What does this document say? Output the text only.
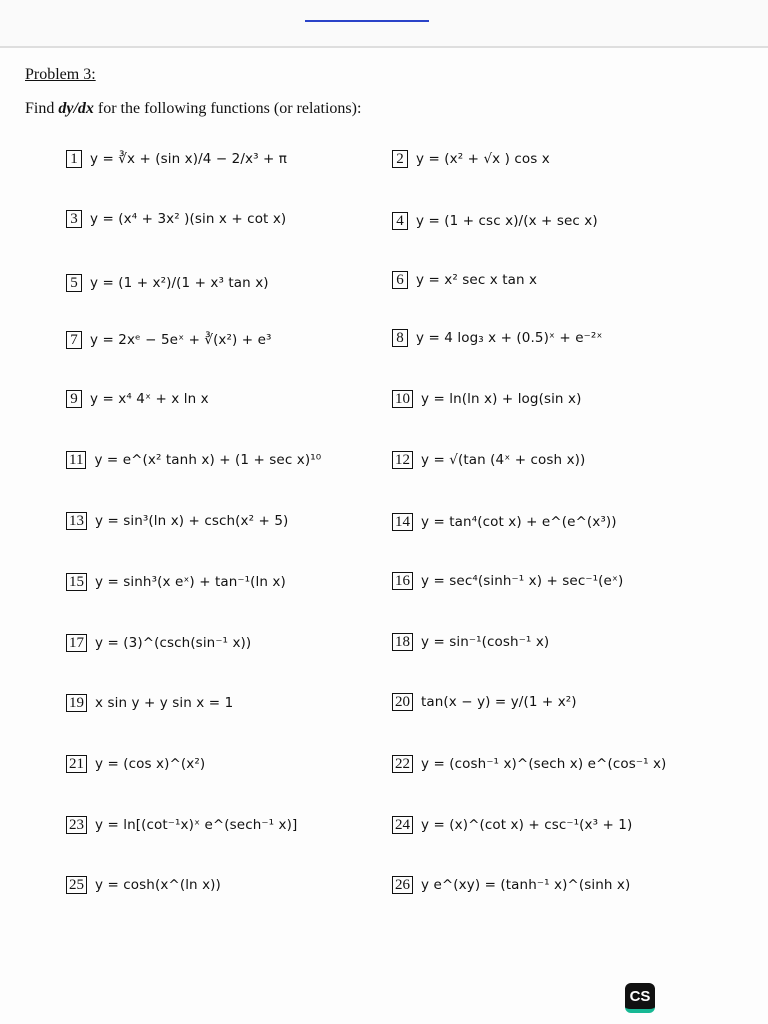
Problem 3:
Find dy/dx for the following functions (or relations):
1 y = ∛x + (sin x)/4 − 2/x³ + π
3 y = (x⁴ + 3x² )(sin x + cot x)
5 y = (1 + x²)/(1 + x³ tan x)
7 y = 2xᵉ − 5eˣ + ∛(x²) + e³
9 y = x⁴ 4ˣ + x ln x
11 y = e^(x² tanh x) + (1 + sec x)¹⁰
13 y = sin³(ln x) + csch(x² + 5)
15 y = sinh³(x eˣ) + tan⁻¹(ln x)
17 y = (3)^(csch(sin⁻¹ x))
19 x sin y + y sin x = 1
21 y = (cos x)^(x²)
23 y = ln[(cot⁻¹x)ˣ e^(sech⁻¹ x)]
25 y = cosh(x^(ln x))
2 y = (x² + √x ) cos x
4 y = (1 + csc x)/(x + sec x)
6 y = x² sec x tan x
8 y = 4 log₃ x + (0.5)ˣ + e⁻²ˣ
10 y = ln(ln x) + log(sin x)
12 y = √(tan (4ˣ + cosh x))
14 y = tan⁴(cot x) + e^(e^(x³))
16 y = sec⁴(sinh⁻¹ x) + sec⁻¹(eˣ)
18 y = sin⁻¹(cosh⁻¹ x)
20 tan(x − y) = y/(1 + x²)
22 y = (cosh⁻¹ x)^(sech x) e^(cos⁻¹ x)
24 y = (x)^(cot x) + csc⁻¹(x³ + 1)
26 y e^(xy) = (tanh⁻¹ x)^(sinh x)
CS
